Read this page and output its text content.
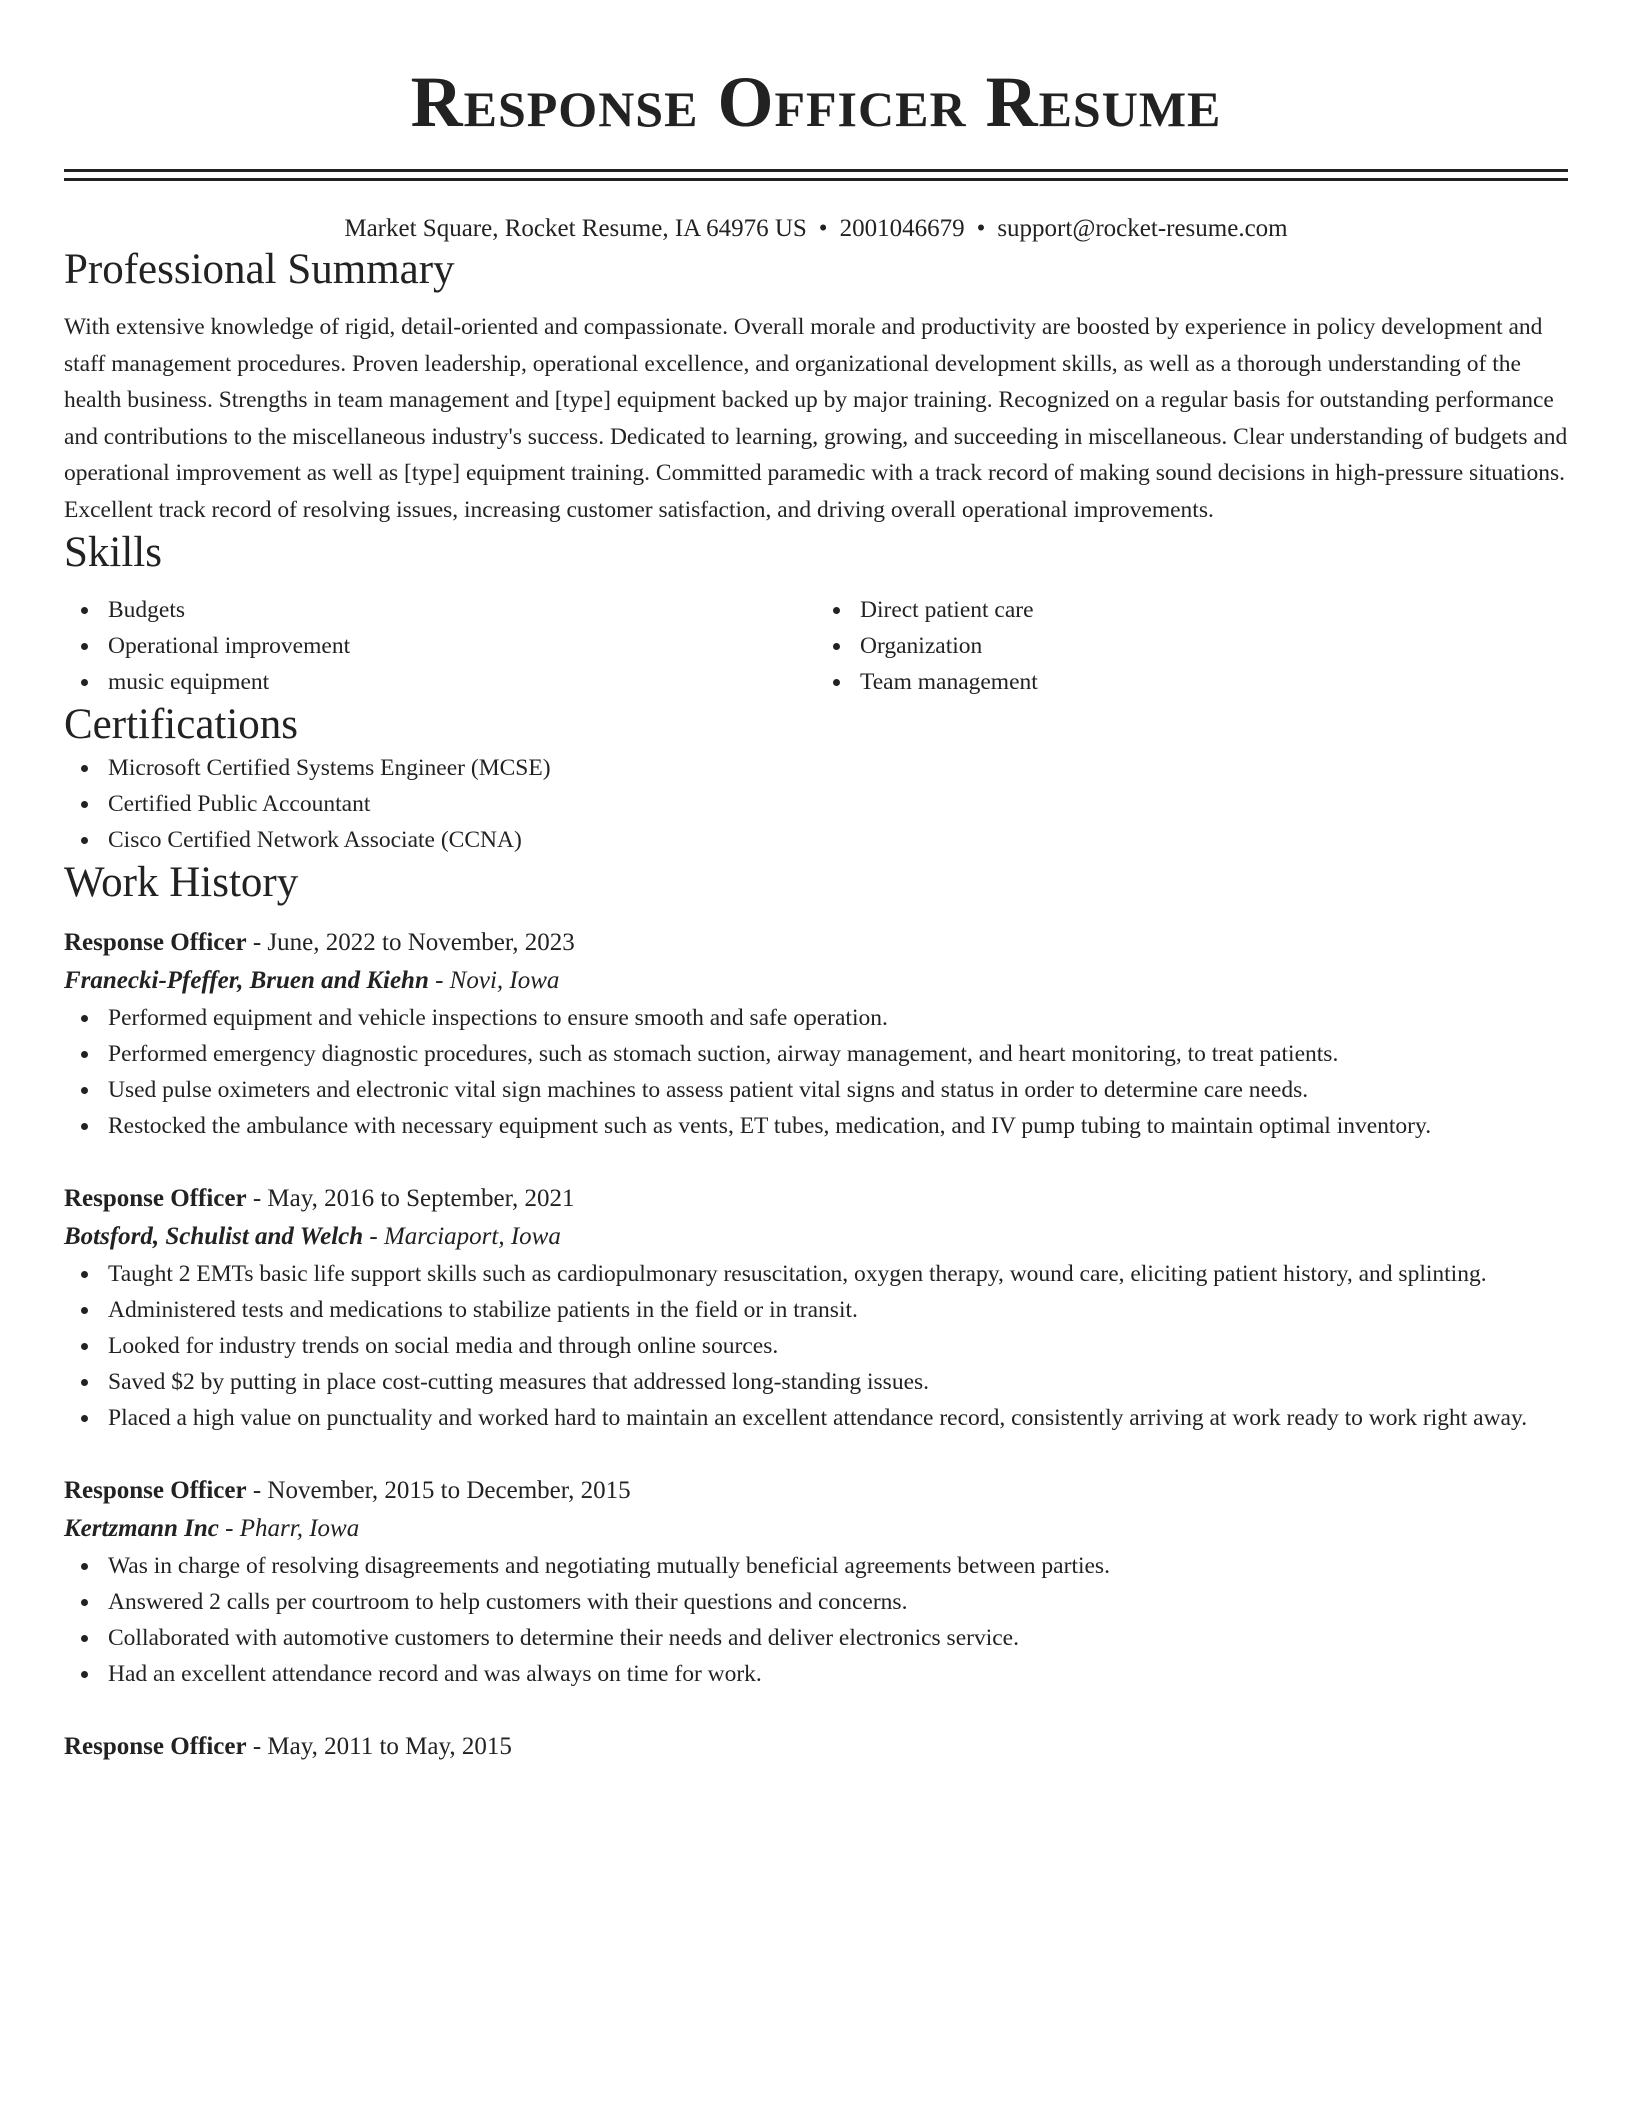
Response Officer Resume
Market Square, Rocket Resume, IA 64976 US • 2001046679 • support@rocket-resume.com
Professional Summary
With extensive knowledge of rigid, detail-oriented and compassionate. Overall morale and productivity are boosted by experience in policy development and staff management procedures. Proven leadership, operational excellence, and organizational development skills, as well as a thorough understanding of the health business. Strengths in team management and [type] equipment backed up by major training. Recognized on a regular basis for outstanding performance and contributions to the miscellaneous industry's success. Dedicated to learning, growing, and succeeding in miscellaneous. Clear understanding of budgets and operational improvement as well as [type] equipment training. Committed paramedic with a track record of making sound decisions in high-pressure situations. Excellent track record of resolving issues, increasing customer satisfaction, and driving overall operational improvements.
Skills
Budgets
Operational improvement
music equipment
Direct patient care
Organization
Team management
Certifications
Microsoft Certified Systems Engineer (MCSE)
Certified Public Accountant
Cisco Certified Network Associate (CCNA)
Work History
Response Officer - June, 2022 to November, 2023
Franecki-Pfeffer, Bruen and Kiehn - Novi, Iowa
Performed equipment and vehicle inspections to ensure smooth and safe operation.
Performed emergency diagnostic procedures, such as stomach suction, airway management, and heart monitoring, to treat patients.
Used pulse oximeters and electronic vital sign machines to assess patient vital signs and status in order to determine care needs.
Restocked the ambulance with necessary equipment such as vents, ET tubes, medication, and IV pump tubing to maintain optimal inventory.
Response Officer - May, 2016 to September, 2021
Botsford, Schulist and Welch - Marciaport, Iowa
Taught 2 EMTs basic life support skills such as cardiopulmonary resuscitation, oxygen therapy, wound care, eliciting patient history, and splinting.
Administered tests and medications to stabilize patients in the field or in transit.
Looked for industry trends on social media and through online sources.
Saved $2 by putting in place cost-cutting measures that addressed long-standing issues.
Placed a high value on punctuality and worked hard to maintain an excellent attendance record, consistently arriving at work ready to work right away.
Response Officer - November, 2015 to December, 2015
Kertzmann Inc - Pharr, Iowa
Was in charge of resolving disagreements and negotiating mutually beneficial agreements between parties.
Answered 2 calls per courtroom to help customers with their questions and concerns.
Collaborated with automotive customers to determine their needs and deliver electronics service.
Had an excellent attendance record and was always on time for work.
Response Officer - May, 2011 to May, 2015
